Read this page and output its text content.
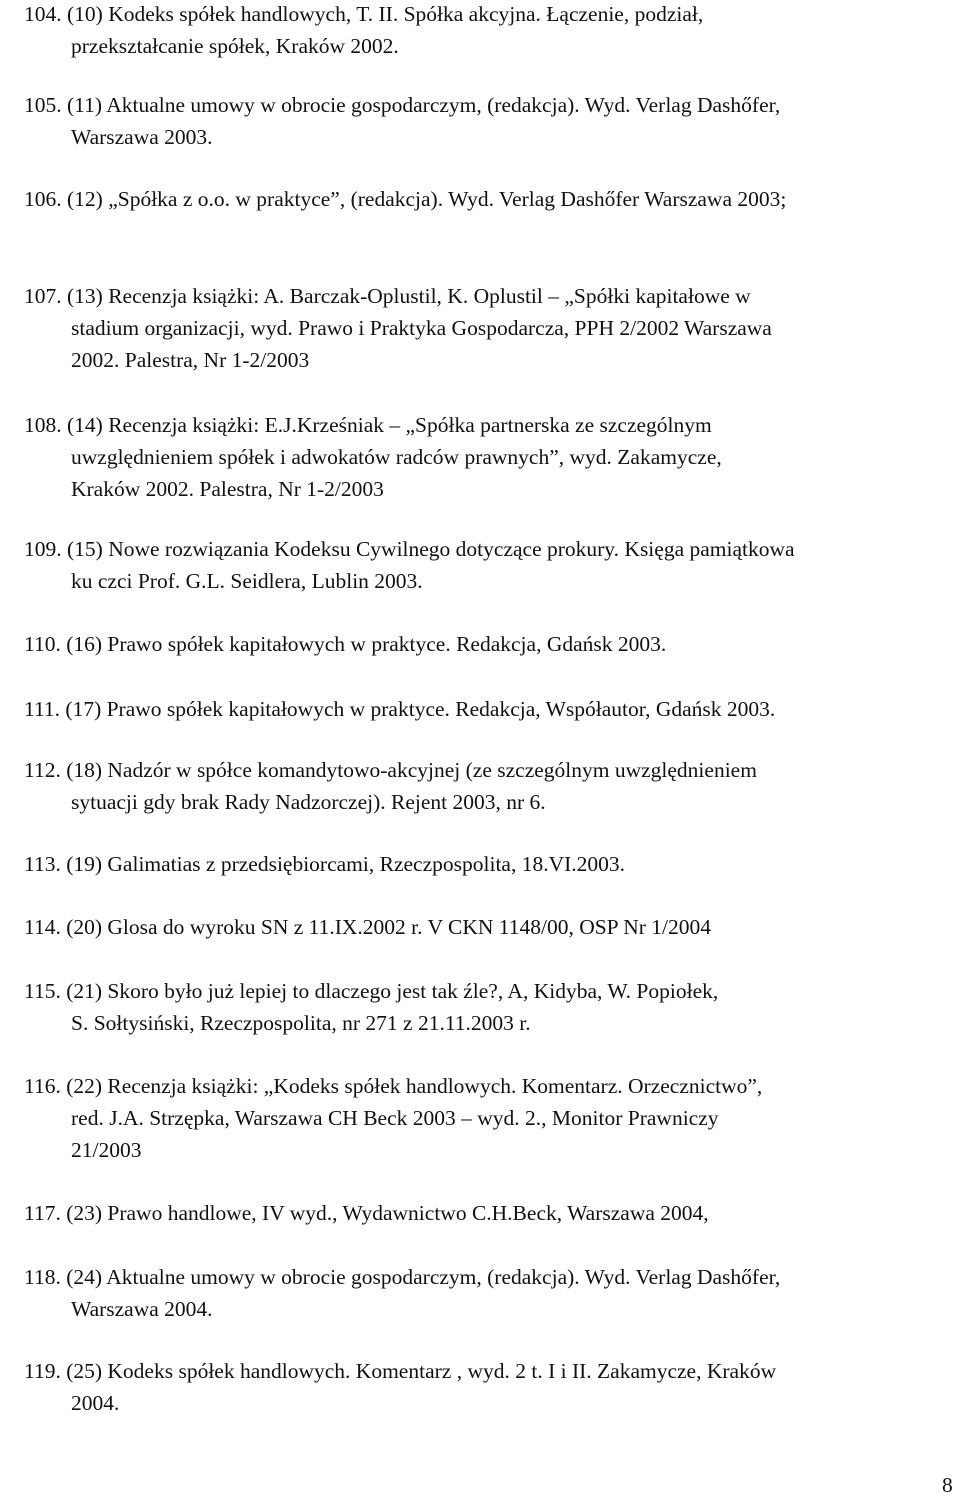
104. (10) Kodeks spółek handlowych, T. II. Spółka akcyjna. Łączenie, podział,
przekształcanie spółek, Kraków 2002.
105. (11) Aktualne umowy w obrocie gospodarczym, (redakcja). Wyd. Verlag Dashőfer,
Warszawa 2003.
106. (12) „Spółka z o.o. w praktyce”, (redakcja). Wyd. Verlag Dashőfer Warszawa 2003;
107. (13) Recenzja książki: A. Barczak-Oplustil, K. Oplustil – „Spółki kapitałowe w
stadium organizacji, wyd. Prawo i Praktyka Gospodarcza, PPH 2/2002 Warszawa
2002. Palestra, Nr 1-2/2003
108. (14) Recenzja książki: E.J.Krześniak – „Spółka partnerska ze szczególnym
uwzględnieniem spółek i adwokatów radców prawnych”, wyd. Zakamycze,
Kraków 2002. Palestra, Nr 1-2/2003
109. (15) Nowe rozwiązania Kodeksu Cywilnego dotyczące prokury. Księga pamiątkowa
ku czci Prof. G.L. Seidlera, Lublin 2003.
110. (16) Prawo spółek kapitałowych w praktyce. Redakcja, Gdańsk 2003.
111. (17) Prawo spółek kapitałowych w praktyce. Redakcja, Współautor, Gdańsk 2003.
112. (18) Nadzór w spółce komandytowo-akcyjnej (ze szczególnym uwzględnieniem
sytuacji gdy brak Rady Nadzorczej). Rejent 2003, nr 6.
113. (19) Galimatias z przedsiębiorcami, Rzeczpospolita, 18.VI.2003.
114. (20) Glosa do wyroku SN z 11.IX.2002 r. V CKN 1148/00, OSP Nr 1/2004
115. (21) Skoro było już lepiej to dlaczego jest tak źle?, A, Kidyba, W. Popiołek,
S. Sołtysiński, Rzeczpospolita, nr 271 z 21.11.2003 r.
116. (22) Recenzja książki: „Kodeks spółek handlowych. Komentarz. Orzecznictwo”,
red. J.A. Strzępka, Warszawa CH Beck 2003 – wyd. 2., Monitor Prawniczy
21/2003
117. (23) Prawo handlowe, IV wyd., Wydawnictwo C.H.Beck, Warszawa 2004,
118. (24) Aktualne umowy w obrocie gospodarczym, (redakcja). Wyd. Verlag Dashőfer,
Warszawa 2004.
119. (25) Kodeks spółek handlowych. Komentarz , wyd. 2 t. I i II. Zakamycze, Kraków
2004.
8
